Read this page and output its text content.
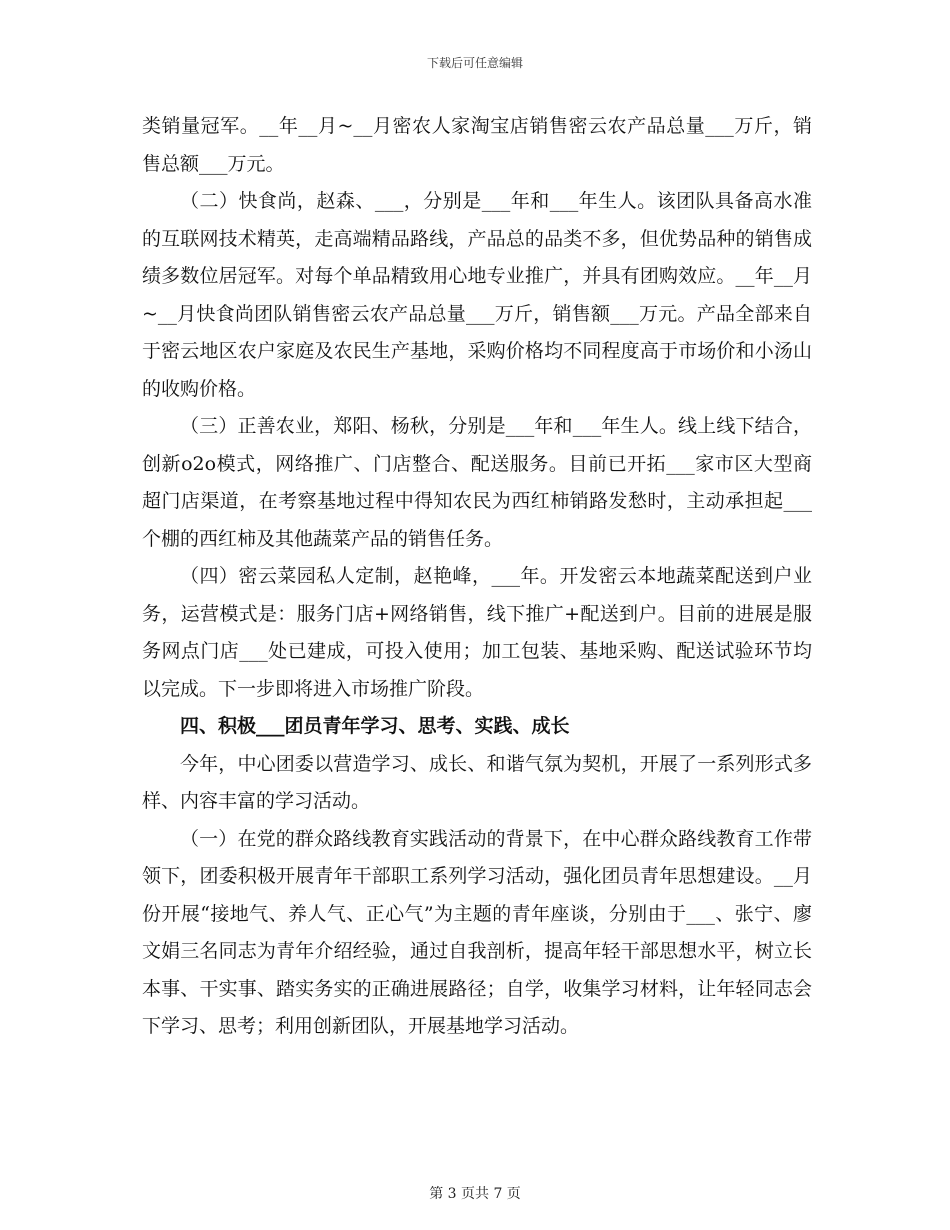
下载后可任意编辑

类销量冠军。__年__月~__月密农人家淘宝店销售密云农产品总量___万斤，销售总额___万元。

（二）快食尚，赵森、___，分别是___年和___年生人。该团队具备高水准的互联网技术精英，走高端精品路线，产品总的品类不多，但优势品种的销售成绩多数位居冠军。对每个单品精致用心地专业推广，并具有团购效应。__年__月~__月快食尚团队销售密云农产品总量___万斤，销售额___万元。产品全部来自于密云地区农户家庭及农民生产基地，采购价格均不同程度高于市场价和小汤山的收购价格。

（三）正善农业，郑阳、杨秋，分别是___年和___年生人。线上线下结合，创新o2o模式，网络推广、门店整合、配送服务。目前已开拓___家市区大型商超门店渠道，在考察基地过程中得知农民为西红柿销路发愁时，主动承担起___个棚的西红柿及其他蔬菜产品的销售任务。

（四）密云菜园私人定制，赵艳峰，___年。开发密云本地蔬菜配送到户业务，运营模式是：服务门店+网络销售，线下推广+配送到户。目前的进展是服务网点门店___处已建成，可投入使用；加工包装、基地采购、配送试验环节均以完成。下一步即将进入市场推广阶段。

四、积极___团员青年学习、思考、实践、成长

今年，中心团委以营造学习、成长、和谐气氛为契机，开展了一系列形式多样、内容丰富的学习活动。

（一）在党的群众路线教育实践活动的背景下，在中心群众路线教育工作带领下，团委积极开展青年干部职工系列学习活动，强化团员青年思想建设。__月份开展“接地气、养人气、正心气”为主题的青年座谈，分别由于___、张宁、廖文娟三名同志为青年介绍经验，通过自我剖析，提高年轻干部思想水平，树立长本事、干实事、踏实务实的正确进展路径；自学，收集学习材料，让年轻同志会下学习、思考；利用创新团队，开展基地学习活动。

第 3 页共 7 页
